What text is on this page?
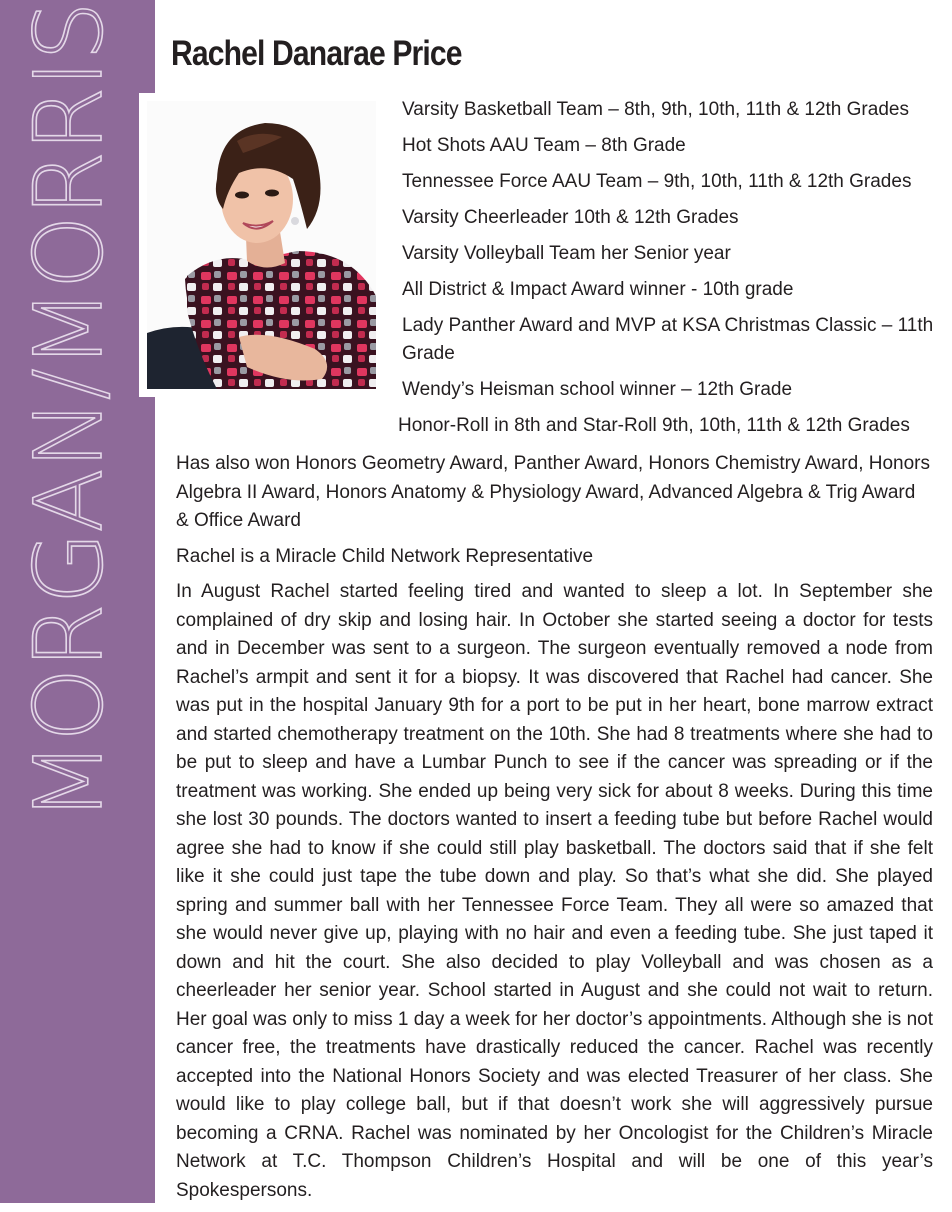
MORGAN/MORRIS Rachel Danarae Price
Varsity Basketball Team – 8th, 9th, 10th, 11th & 12th Grades
Hot Shots AAU Team – 8th Grade
Tennessee Force AAU Team – 9th, 10th, 11th & 12th Grades
Varsity Cheerleader 10th & 12th Grades
Varsity Volleyball Team her Senior year
All District & Impact Award winner - 10th grade
Lady Panther Award and MVP at KSA Christmas Classic – 11th Grade
Wendy’s Heisman school winner – 12th Grade
Honor-Roll in 8th and Star-Roll 9th, 10th, 11th & 12th Grades

Has also won Honors Geometry Award, Panther Award, Honors Chemistry Award, Honors Algebra II Award, Honors Anatomy & Physiology Award, Advanced Algebra & Trig Award & Office Award

Rachel is a Miracle Child Network Representative

In August Rachel started feeling tired and wanted to sleep a lot. In September she complained of dry skip and losing hair. In October she started seeing a doctor for tests and in December was sent to a surgeon. The surgeon eventually removed a node from Rachel’s armpit and sent it for a biopsy. It was discovered that Rachel had cancer. She was put in the hospital January 9th for a port to be put in her heart, bone marrow extract and started chemotherapy treatment on the 10th. She had 8 treatments where she had to be put to sleep and have a Lumbar Punch to see if the cancer was spreading or if the treatment was working. She ended up being very sick for about 8 weeks. During this time she lost 30 pounds. The doctors wanted to insert a feeding tube but before Rachel would agree she had to know if she could still play basketball. The doctors said that if she felt like it she could just tape the tube down and play. So that’s what she did. She played spring and summer ball with her Tennessee Force Team. They all were so amazed that she would never give up, playing with no hair and even a feeding tube. She just taped it down and hit the court. She also decided to play Volleyball and was chosen as a cheerleader her senior year. School started in August and she could not wait to return. Her goal was only to miss 1 day a week for her doctor’s appointments. Although she is not cancer free, the treatments have drastically reduced the cancer. Rachel was recently accepted into the National Honors Society and was elected Treasurer of her class. She would like to play college ball, but if that doesn’t work she will aggressively pursue becoming a CRNA. Rachel was nominated by her Oncologist for the Children’s Miracle Network at T.C. Thompson Children’s Hospital and will be one of this year’s Spokespersons.
